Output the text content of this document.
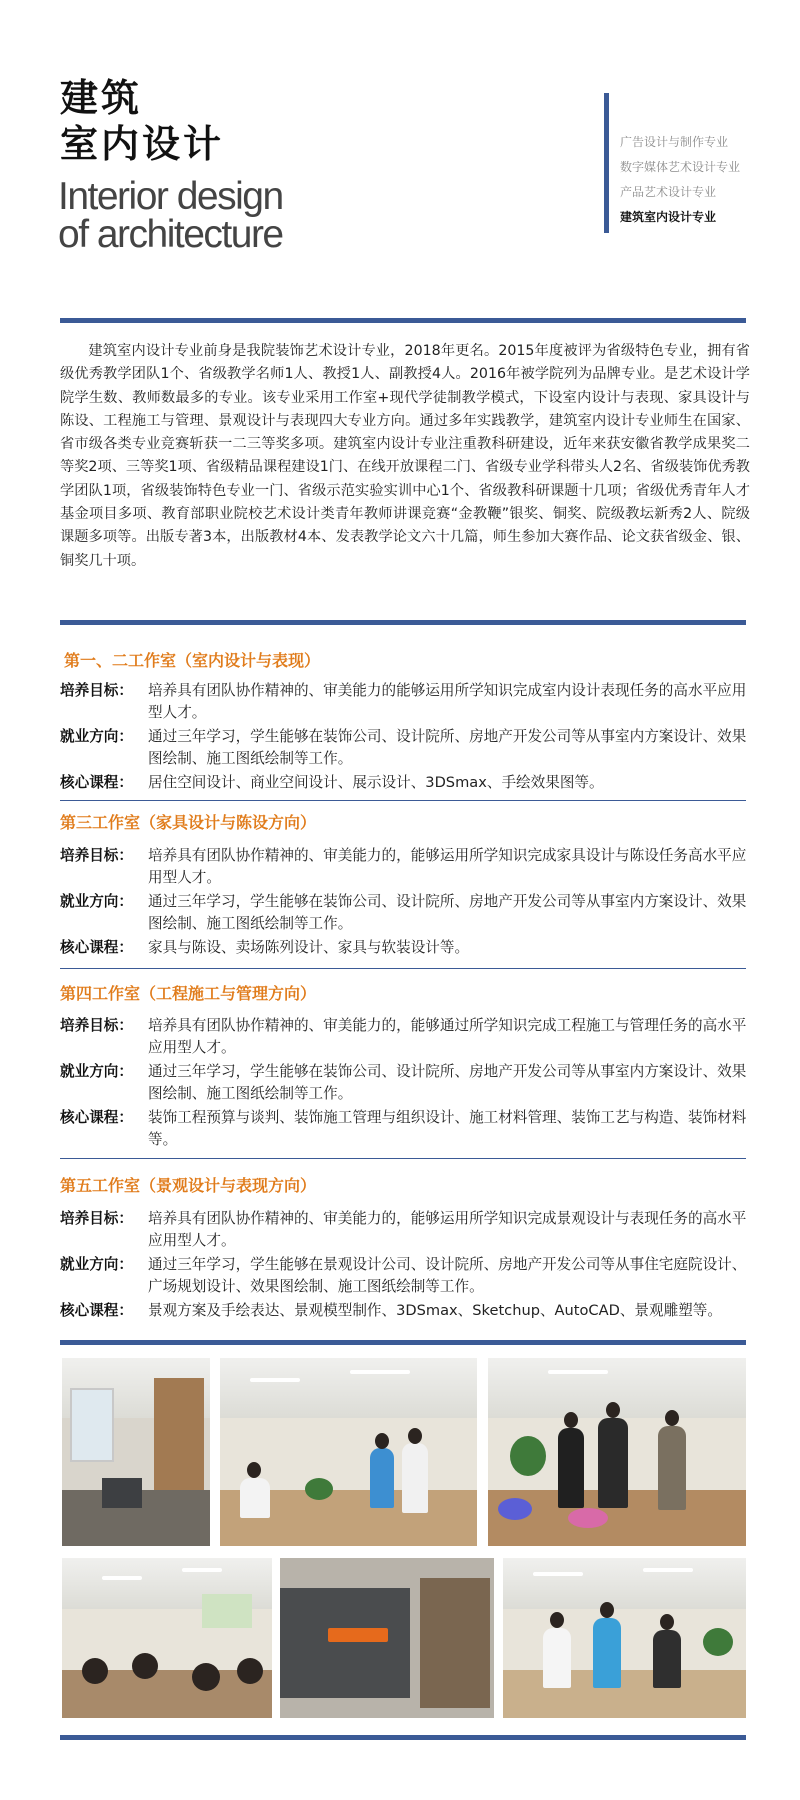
建筑
室内设计
Interior design
of architecture
广告设计与制作专业
数字媒体艺术设计专业
产品艺术设计专业
建筑室内设计专业
建筑室内设计专业前身是我院装饰艺术设计专业，2018年更名。2015年度被评为省级特色专业，拥有省级优秀教学团队1个、省级教学名师1人、教授1人、副教授4人。2016年被学院列为品牌专业。是艺术设计学院学生数、教师数最多的专业。该专业采用工作室+现代学徒制教学模式，下设室内设计与表现、家具设计与陈设、工程施工与管理、景观设计与表现四大专业方向。通过多年实践教学，建筑室内设计专业师生在国家、省市级各类专业竞赛斩获一二三等奖多项。建筑室内设计专业注重教科研建设，近年来获安徽省教学成果奖二等奖2项、三等奖1项、省级精品课程建设1门、在线开放课程二门、省级专业学科带头人2名、省级装饰优秀教学团队1项，省级装饰特色专业一门、省级示范实验实训中心1个、省级教科研课题十几项；省级优秀青年人才基金项目多项、教育部职业院校艺术设计类青年教师讲课竞赛“金教鞭”银奖、铜奖、院级教坛新秀2人、院级课题多项等。出版专著3本，出版教材4本、发表教学论文六十几篇，师生参加大赛作品、论文获省级金、银、铜奖几十项。
第一、二工作室（室内设计与表现）
培养目标：	培养具有团队协作精神的、审美能力的能够运用所学知识完成室内设计表现任务的高水平应用型人才。
就业方向：	通过三年学习，学生能够在装饰公司、设计院所、房地产开发公司等从事室内方案设计、效果图绘制、施工图纸绘制等工作。
核心课程：	居住空间设计、商业空间设计、展示设计、3DSmax、手绘效果图等。
第三工作室（家具设计与陈设方向）
培养目标：	培养具有团队协作精神的、审美能力的，能够运用所学知识完成家具设计与陈设任务高水平应用型人才。
就业方向：	通过三年学习，学生能够在装饰公司、设计院所、房地产开发公司等从事室内方案设计、效果图绘制、施工图纸绘制等工作。
核心课程：	家具与陈设、卖场陈列设计、家具与软装设计等。
第四工作室（工程施工与管理方向）
培养目标：	培养具有团队协作精神的、审美能力的，能够通过所学知识完成工程施工与管理任务的高水平应用型人才。
就业方向：	通过三年学习，学生能够在装饰公司、设计院所、房地产开发公司等从事室内方案设计、效果图绘制、施工图纸绘制等工作。
核心课程：	装饰工程预算与谈判、装饰施工管理与组织设计、施工材料管理、装饰工艺与构造、装饰材料等。
第五工作室（景观设计与表现方向）
培养目标：	培养具有团队协作精神的、审美能力的，能够运用所学知识完成景观设计与表现任务的高水平应用型人才。
就业方向：	通过三年学习，学生能够在景观设计公司、设计院所、房地产开发公司等从事住宅庭院设计、广场规划设计、效果图绘制、施工图纸绘制等工作。
核心课程：	景观方案及手绘表达、景观模型制作、3DSmax、Sketchup、AutoCAD、景观雕塑等。
